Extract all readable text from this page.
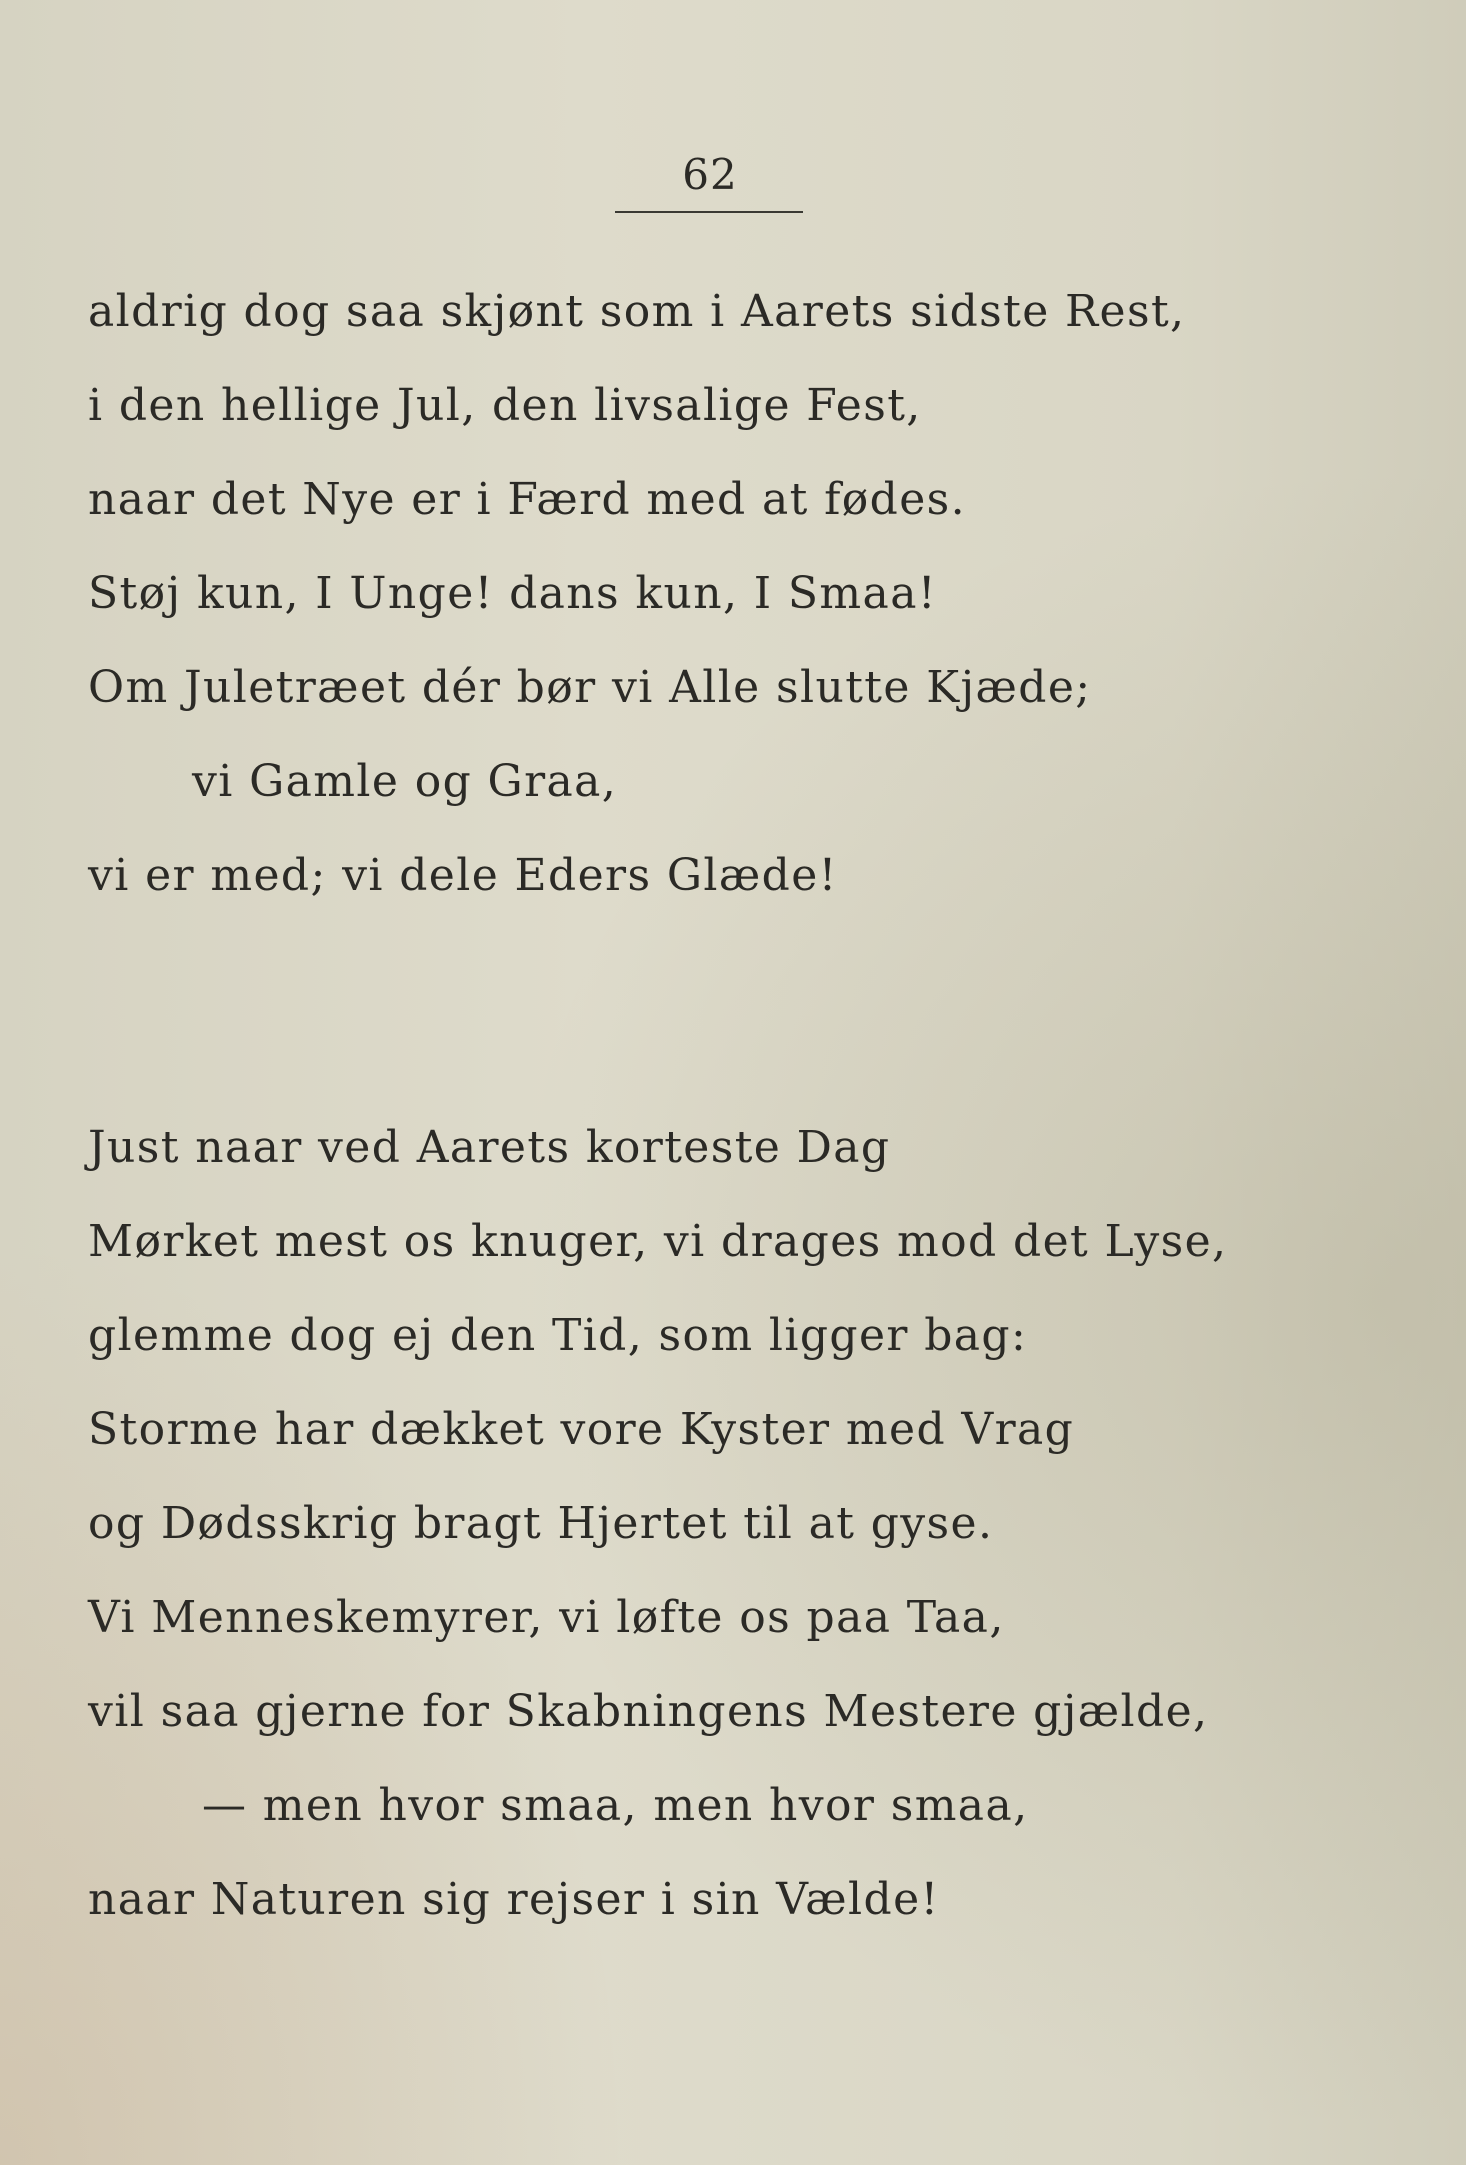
62
aldrig dog saa skjønt som i Aarets sidste Rest,
i den hellige Jul, den livsalige Fest,
naar det Nye er i Færd med at fødes.
Støj kun, I Unge! dans kun, I Smaa!
Om Juletræet dér bør vi Alle slutte Kjæde;
vi Gamle og Graa,
vi er med; vi dele Eders Glæde!
Just naar ved Aarets korteste Dag
Mørket mest os knuger, vi drages mod det Lyse,
glemme dog ej den Tid, som ligger bag:
Storme har dækket vore Kyster med Vrag
og Dødsskrig bragt Hjertet til at gyse.
Vi Menneskemyrer, vi løfte os paa Taa,
vil saa gjerne for Skabningens Mestere gjælde,
— men hvor smaa, men hvor smaa,
naar Naturen sig rejser i sin Vælde!
